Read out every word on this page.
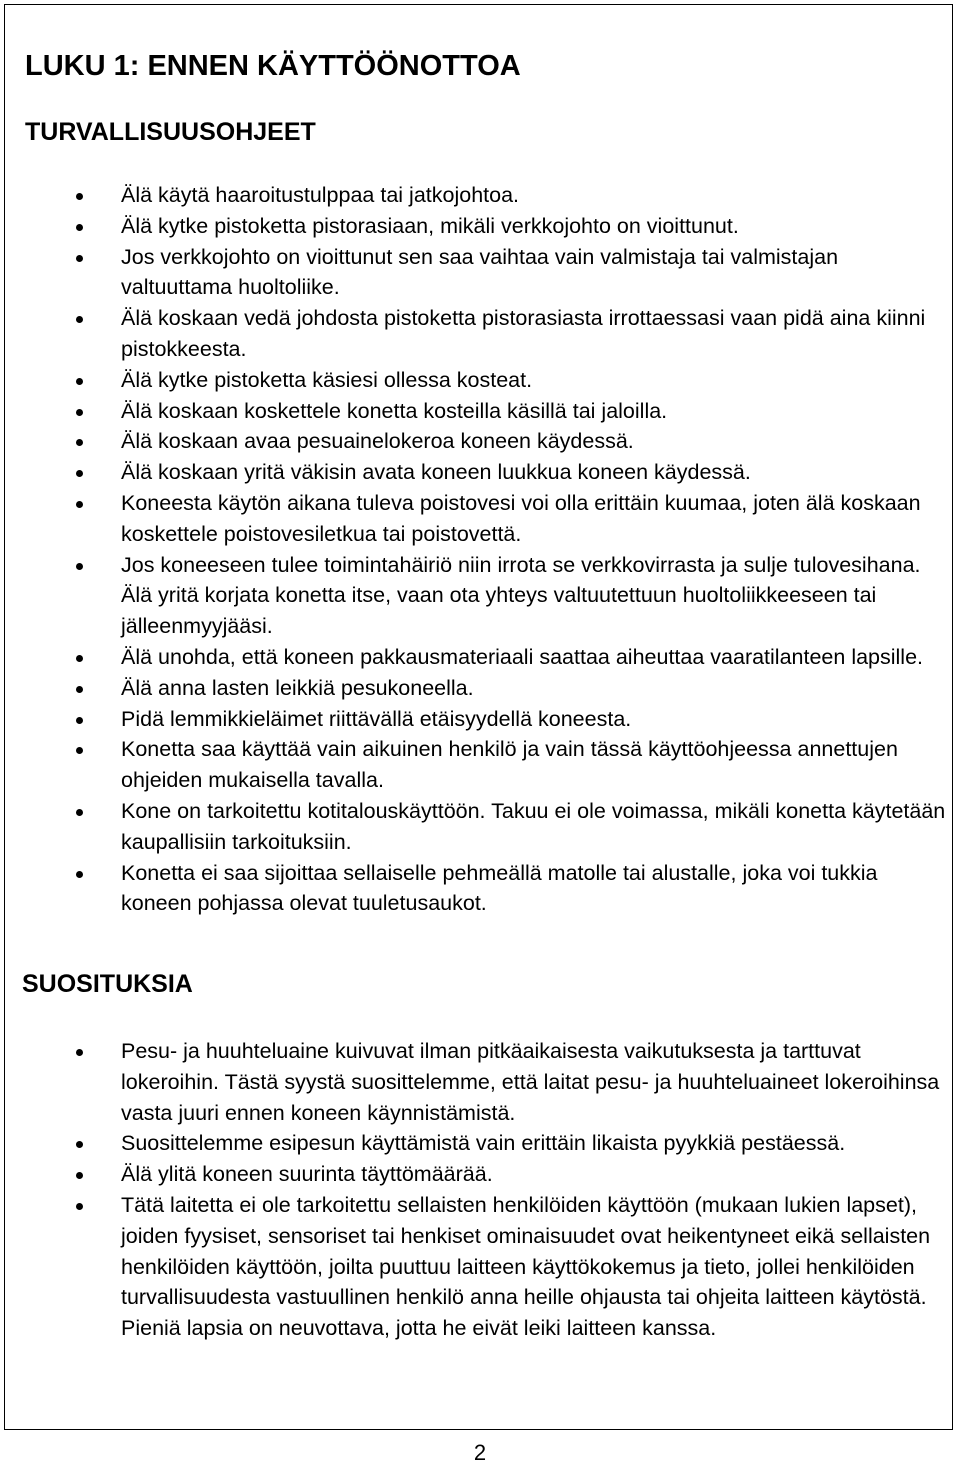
LUKU 1: ENNEN KÄYTTÖÖNOTTOA
TURVALLISUUSOHJEET
Älä käytä haaroitustulppaa tai jatkojohtoa.
Älä kytke pistoketta pistorasiaan, mikäli verkkojohto on vioittunut.
Jos verkkojohto on vioittunut sen saa vaihtaa vain valmistaja tai valmistajan valtuuttama huoltoliike.
Älä koskaan vedä johdosta pistoketta pistorasiasta irrottaessasi vaan pidä aina kiinni pistokkeesta.
Älä kytke pistoketta käsiesi ollessa kosteat.
Älä koskaan koskettele konetta kosteilla käsillä tai jaloilla.
Älä koskaan avaa pesuainelokeroa koneen käydessä.
Älä koskaan yritä väkisin avata koneen luukkua koneen käydessä.
Koneesta käytön aikana tuleva poistovesi voi olla erittäin kuumaa, joten älä koskaan koskettele poistovesiletkua tai poistovettä.
Jos koneeseen tulee toimintahäiriö niin irrota se verkkovirrasta ja sulje tulovesihana. Älä yritä korjata konetta itse, vaan ota yhteys valtuutettuun huoltoliikkeeseen tai jälleenmyyjääsi.
Älä unohda, että koneen pakkausmateriaali saattaa aiheuttaa vaaratilanteen lapsille.
Älä anna lasten leikkiä pesukoneella.
Pidä lemmikkieläimet riittävällä etäisyydellä koneesta.
Konetta saa käyttää vain aikuinen henkilö ja vain tässä käyttöohjeessa annettujen ohjeiden mukaisella tavalla.
Kone on tarkoitettu kotitalouskäyttöön. Takuu ei ole voimassa, mikäli konetta käytetään kaupallisiin tarkoituksiin.
Konetta ei saa sijoittaa sellaiselle pehmeällä matolle tai alustalle, joka voi tukkia koneen pohjassa olevat tuuletusaukot.
SUOSITUKSIA
Pesu- ja huuhteluaine kuivuvat ilman pitkäaikaisesta vaikutuksesta ja tarttuvat lokeroihin. Tästä syystä suosittelemme, että laitat pesu- ja huuhteluaineet lokeroihinsa vasta juuri ennen koneen käynnistämistä.
Suosittelemme esipesun käyttämistä vain erittäin likaista pyykkiä pestäessä.
Älä ylitä koneen suurinta täyttömäärää.
Tätä laitetta ei ole tarkoitettu sellaisten henkilöiden käyttöön (mukaan lukien lapset), joiden fyysiset, sensoriset tai henkiset ominaisuudet ovat heikentyneet eikä sellaisten henkilöiden käyttöön, joilta puuttuu laitteen käyttökokemus ja tieto, jollei henkilöiden turvallisuudesta vastuullinen henkilö anna heille ohjausta tai ohjeita laitteen käytöstä. Pieniä lapsia on neuvottava, jotta he eivät leiki laitteen kanssa.
2
